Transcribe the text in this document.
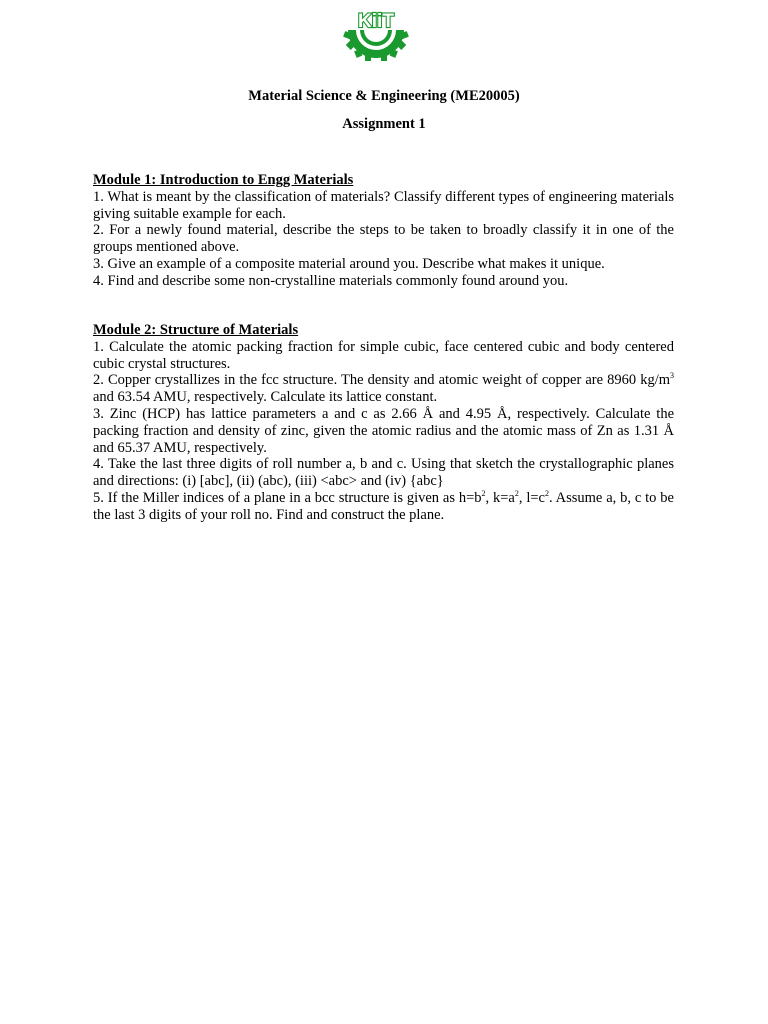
KiiT
Material Science & Engineering (ME20005)
Assignment 1
Module 1: Introduction to Engg Materials

1. What is meant by the classification of materials? Classify different types of engineering materials giving suitable example for each.

2. For a newly found material, describe the steps to be taken to broadly classify it in one of the groups mentioned above.

3. Give an example of a composite material around you. Describe what makes it unique.

4. Find and describe some non-crystalline materials commonly found around you.

Module 2: Structure of Materials

1. Calculate the atomic packing fraction for simple cubic, face centered cubic and body centered cubic crystal structures.

2. Copper crystallizes in the fcc structure. The density and atomic weight of copper are 8960 $kg/m^3$ and 63.54 AMU, respectively. Calculate its lattice constant.

3. Zinc (HCP) has lattice parameters a and c as 2.66 Å and 4.95 Å, respectively. Calculate the packing fraction and density of zinc, given the atomic radius and the atomic mass of Zn as 1.31 Å and 65.37 AMU, respectively.

4. Take the last three digits of roll number a, b and c. Using that sketch the crystallographic planes and directions: (i) [abc], (ii) (abc), (iii) <abc> and (iv) {abc}

5. If the Miller indices of a plane in a bcc structure is given as $h=b^2$, $k=a^2$, $l=c^2$. Assume a, b, c to be the last 3 digits of your roll no. Find and construct the plane.
